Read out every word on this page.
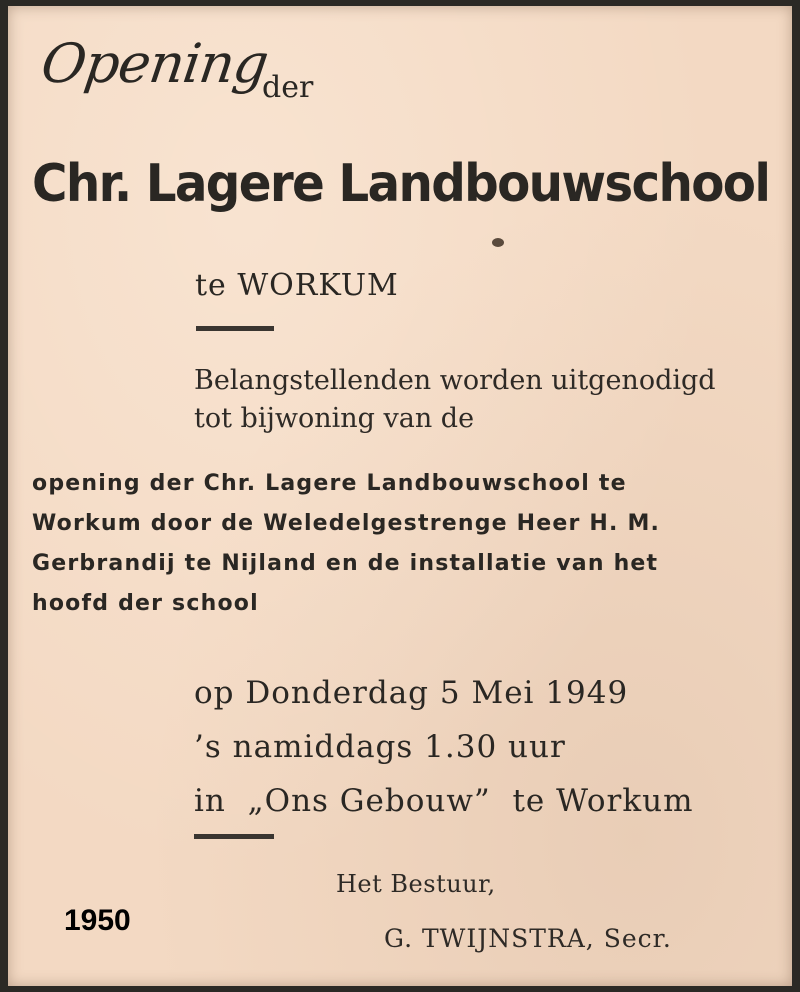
Opening
der
Chr. Lagere Landbouwschool
te WORKUM
Belangstellenden worden uitgenodigd
tot bijwoning van de
opening der Chr. Lagere Landbouwschool te
Workum door de Weledelgestrenge Heer H. M.
Gerbrandij te Nijland en de installatie van het
hoofd der school
op Donderdag 5 Mei 1949
’s namiddags 1.30 uur
in  „Ons Gebouw”  te Workum
Het Bestuur,
G. TWIJNSTRA, Secr.
1950
